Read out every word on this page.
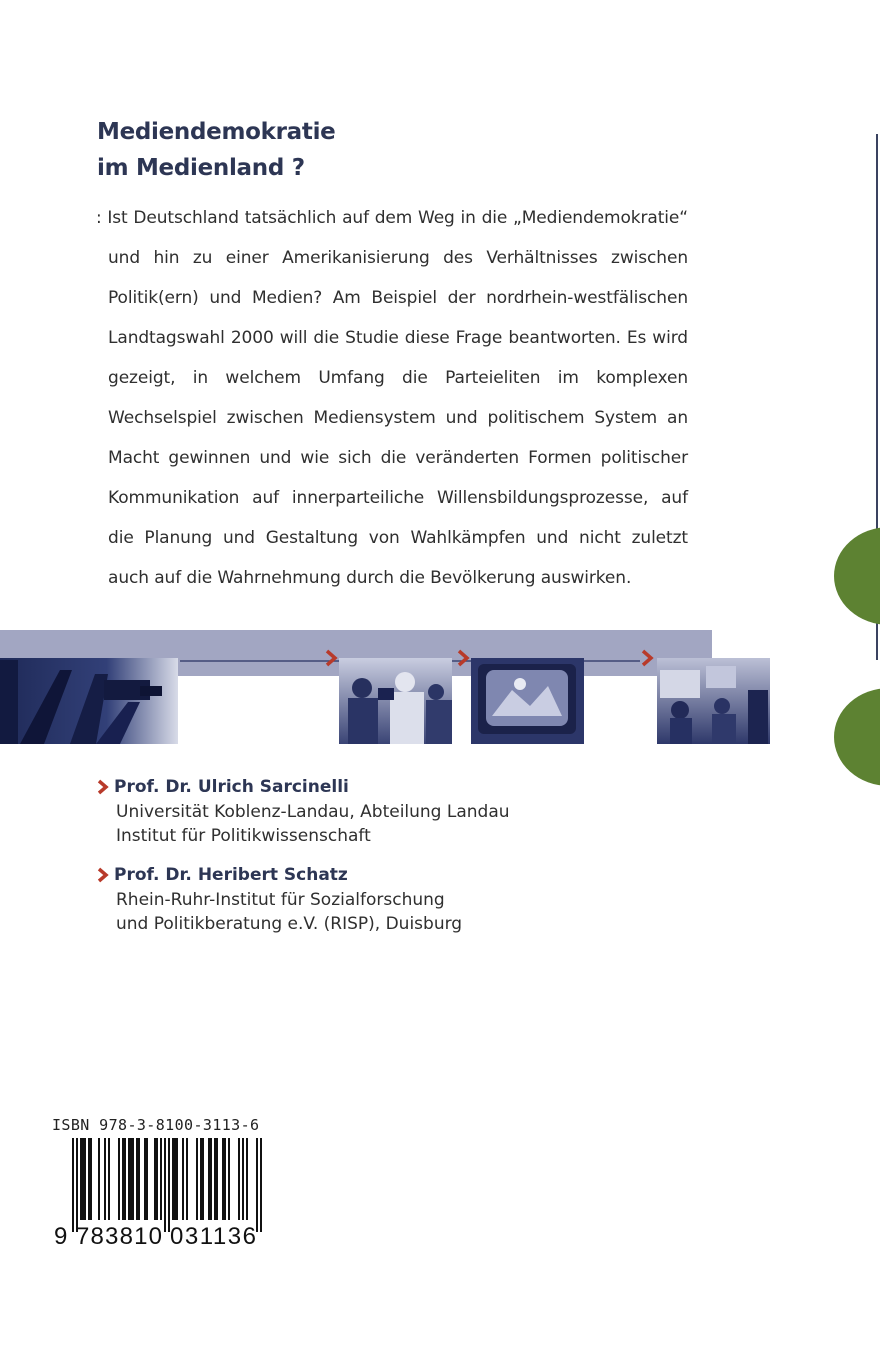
Mediendemokratie
im Medienland ?

: Ist Deutschland tatsächlich auf dem Weg in die „Mediendemokratie“ und hin zu einer Amerikanisierung des Verhältnisses zwischen Politik(ern) und Medien? Am Beispiel der nordrhein-westfälischen Landtagswahl 2000 will die Studie diese Frage beantworten. Es wird gezeigt, in welchem Umfang die Parteieliten im komplexen Wechselspiel zwischen Mediensystem und politischem System an Macht gewinnen und wie sich die veränderten Formen politischer Kommunikation auf innerparteiliche Willensbildungsprozesse, auf die Planung und Gestaltung von Wahlkämpfen und nicht zuletzt auch auf die Wahrnehmung durch die Bevölkerung auswirken.

Prof. Dr. Ulrich Sarcinelli
Universität Koblenz-Landau, Abteilung Landau
Institut für Politikwissenschaft
Prof. Dr. Heribert Schatz
Rhein-Ruhr-Institut für Sozialforschung
und Politikberatung e.V. (RISP), Duisburg
ISBN 978-3-8100-3113-6
9 783810 031136
